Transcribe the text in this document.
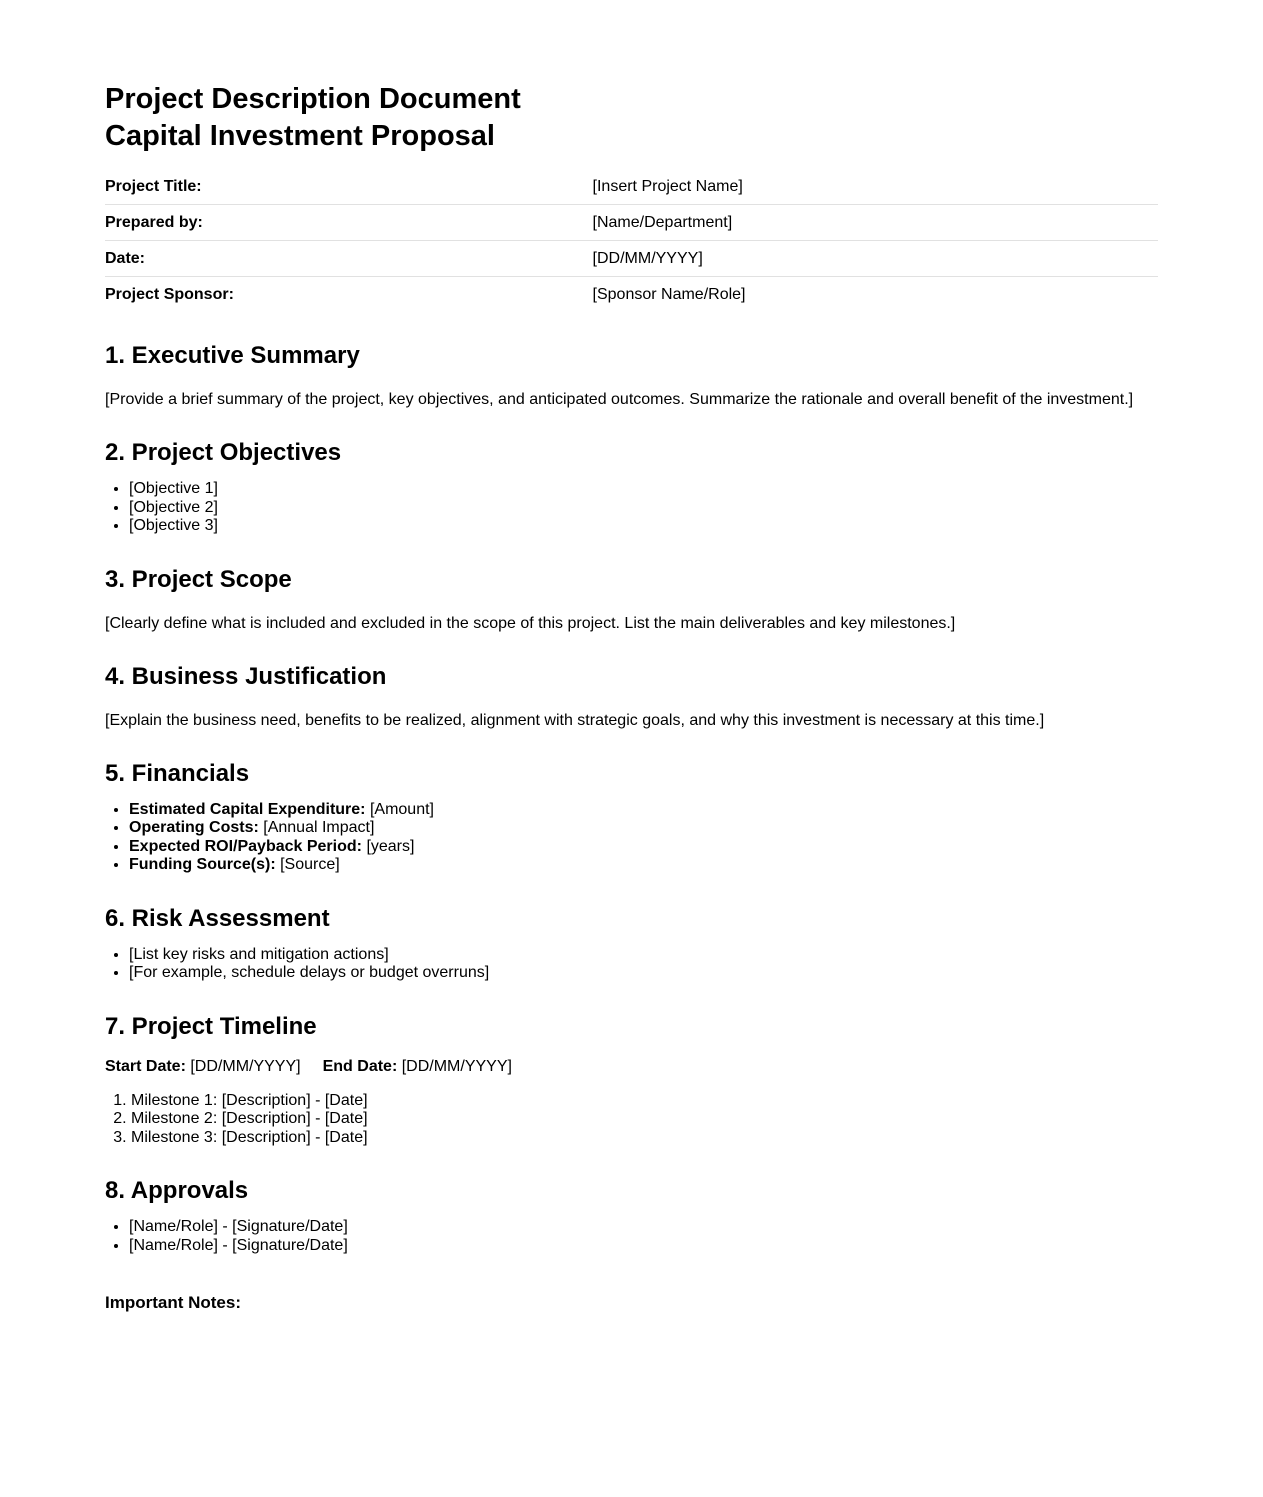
Project Description Document
Capital Investment Proposal
Project Title:	[Insert Project Name]
Prepared by:	[Name/Department]
Date:	[DD/MM/YYYY]
Project Sponsor:	[Sponsor Name/Role]
1. Executive Summary

[Provide a brief summary of the project, key objectives, and anticipated outcomes. Summarize the rationale and overall benefit of the investment.]

2. Project Objectives
• [Objective 1]
• [Objective 2]
• [Objective 3]
3. Project Scope

[Clearly define what is included and excluded in the scope of this project. List the main deliverables and key milestones.]

4. Business Justification

[Explain the business need, benefits to be realized, alignment with strategic goals, and why this investment is necessary at this time.]

5. Financials
• Estimated Capital Expenditure: [Amount]
• Operating Costs: [Annual Impact]
• Expected ROI/Payback Period: [years]
• Funding Source(s): [Source]
6. Risk Assessment
• [List key risks and mitigation actions]
• [For example, schedule delays or budget overruns]
7. Project Timeline

Start Date: [DD/MM/YYYY] End Date: [DD/MM/YYYY]

1. Milestone 1: [Description] - [Date]
2. Milestone 2: [Description] - [Date]
3. Milestone 3: [Description] - [Date]
8. Approvals
• [Name/Role] - [Signature/Date]
• [Name/Role] - [Signature/Date]
Important Notes:
